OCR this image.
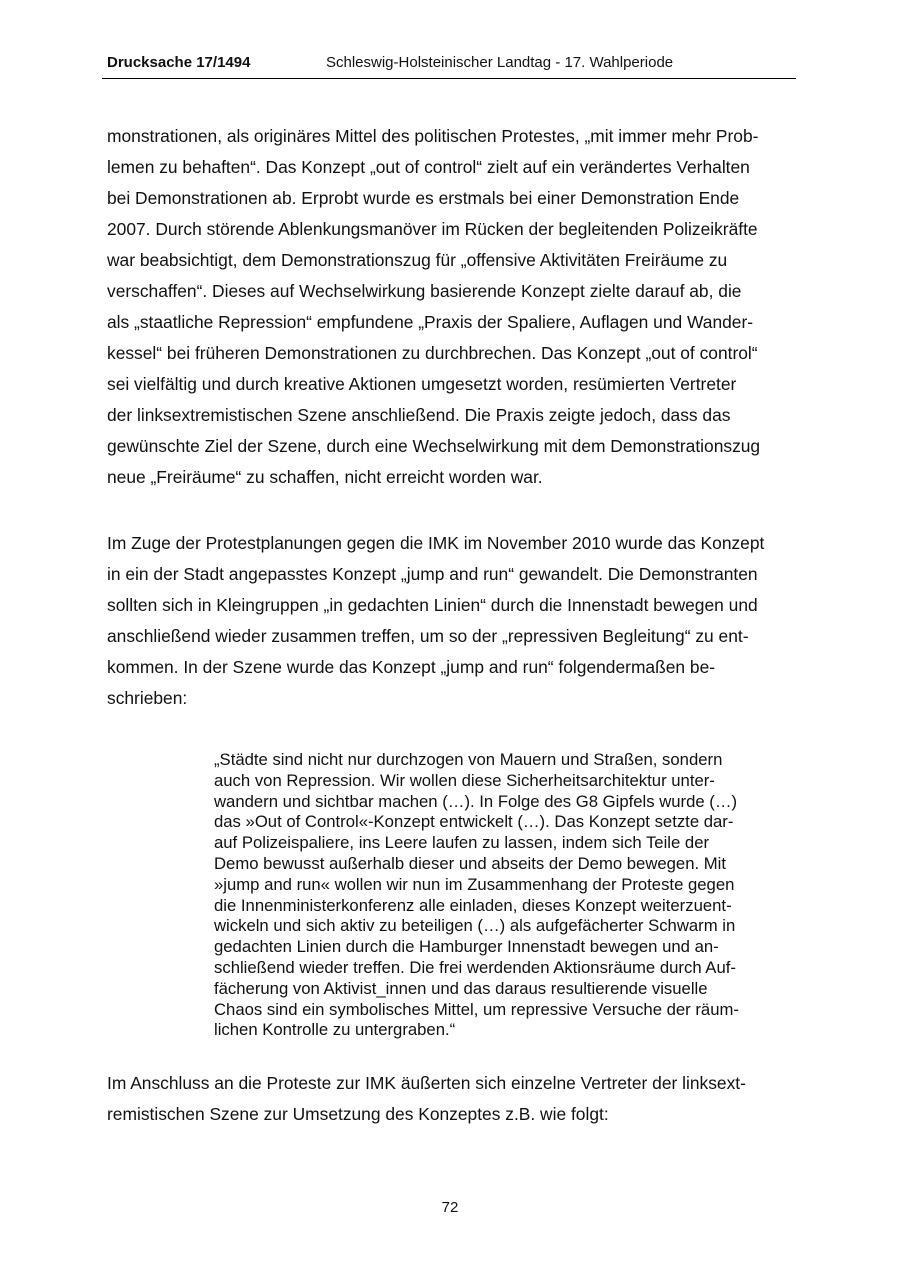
Drucksache 17/1494	Schleswig-Holsteinischer Landtag - 17. Wahlperiode

monstrationen, als originäres Mittel des politischen Protestes, „mit immer mehr Prob-
lemen zu behaften“. Das Konzept „out of control“ zielt auf ein verändertes Verhalten
bei Demonstrationen ab. Erprobt wurde es erstmals bei einer Demonstration Ende
2007. Durch störende Ablenkungsmanöver im Rücken der begleitenden Polizeikräfte
war beabsichtigt, dem Demonstrationszug für „offensive Aktivitäten Freiräume zu
verschaffen“. Dieses auf Wechselwirkung basierende Konzept zielte darauf ab, die
als „staatliche Repression“ empfundene „Praxis der Spaliere, Auflagen und Wander-
kessel“ bei früheren Demonstrationen zu durchbrechen. Das Konzept „out of control“
sei vielfältig und durch kreative Aktionen umgesetzt worden, resümierten Vertreter
der linksextremistischen Szene anschließend. Die Praxis zeigte jedoch, dass das
gewünschte Ziel der Szene, durch eine Wechselwirkung mit dem Demonstrationszug
neue „Freiräume“ zu schaffen, nicht erreicht worden war.

Im Zuge der Protestplanungen gegen die IMK im November 2010 wurde das Konzept
in ein der Stadt angepasstes Konzept „jump and run“ gewandelt. Die Demonstranten
sollten sich in Kleingruppen „in gedachten Linien“ durch die Innenstadt bewegen und
anschließend wieder zusammen treffen, um so der „repressiven Begleitung“ zu ent-
kommen. In der Szene wurde das Konzept „jump and run“ folgendermaßen be-
schrieben:

„Städte sind nicht nur durchzogen von Mauern und Straßen, sondern
auch von Repression. Wir wollen diese Sicherheitsarchitektur unter-
wandern und sichtbar machen (…). In Folge des G8 Gipfels wurde (…)
das »Out of Control«-Konzept entwickelt (…). Das Konzept setzte dar-
auf Polizeispaliere, ins Leere laufen zu lassen, indem sich Teile der
Demo bewusst außerhalb dieser und abseits der Demo bewegen. Mit
»jump and run« wollen wir nun im Zusammenhang der Proteste gegen
die Innenministerkonferenz alle einladen, dieses Konzept weiterzuent-
wickeln und sich aktiv zu beteiligen (…) als aufgefächerter Schwarm in
gedachten Linien durch die Hamburger Innenstadt bewegen und an-
schließend wieder treffen. Die frei werdenden Aktionsräume durch Auf-
fächerung von Aktivist_innen und das daraus resultierende visuelle
Chaos sind ein symbolisches Mittel, um repressive Versuche der räum-
lichen Kontrolle zu untergraben.“

Im Anschluss an die Proteste zur IMK äußerten sich einzelne Vertreter der linksext-
remistischen Szene zur Umsetzung des Konzeptes z.B. wie folgt:

72
